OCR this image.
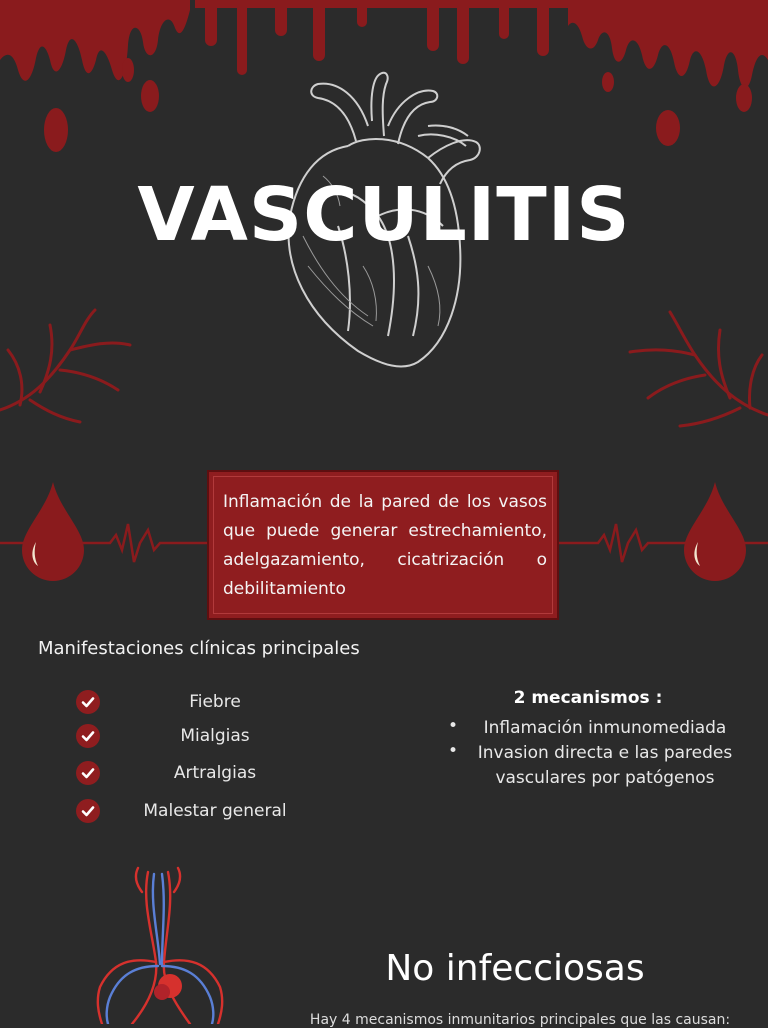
VASCULITIS
Inflamación de la pared de los vasos que puede generar estrechamiento, adelgazamiento, cicatrización o debilitamiento
Manifestaciones clínicas principales
Fiebre
Mialgias
Artralgias
Malestar general
2 mecanismos :
•	Inflamación inmunomediada
•	Invasion directa e las paredes vasculares por patógenos
No infecciosas
Hay 4 mecanismos inmunitarios principales que las causan:
